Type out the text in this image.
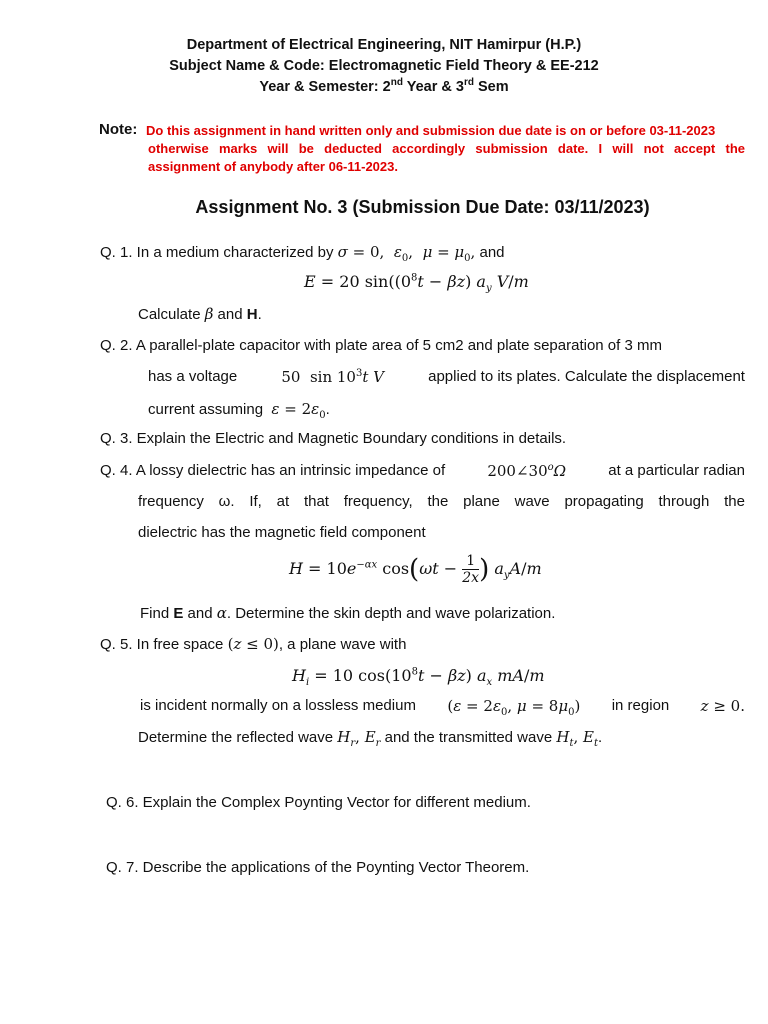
Department of Electrical Engineering, NIT Hamirpur (H.P.)
Subject Name & Code: Electromagnetic Field Theory & EE-212
Year & Semester: 2nd Year & 3rd Sem
Note: Do this assignment in hand written only and submission due date is on or before 03-11-2023
otherwise marks will be deducted accordingly submission date. I will not accept the
assignment of anybody after 06-11-2023.
Assignment No. 3 (Submission Due Date: 03/11/2023)
Q. 1. In a medium characterized by σ = 0,  $\varepsilon_0$,  $\mu = \mu_0$, and
E = 20 $\sin((0^8t - \beta z)$ $a_y$ V/m
Calculate β and H.
Q. 2. A parallel-plate capacitor with plate area of 5 cm2 and plate separation of 3 mm
has a voltage	50  $\sin 10^3t$ V	applied to its plates. Calculate the displacement
current assuming $\varepsilon = 2\varepsilon_0$.
Q. 3. Explain the Electric and Magnetic Boundary conditions in details.
Q. 4. A lossy dielectric has an intrinsic impedance of	200∠30$^o$Ω	at a particular radian
frequency ω. If, at that frequency, the plane wave propagating through the
dielectric has the magnetic field component
$H = 10e^{-\alpha x}$ $\cos(\omega t - \frac{1}{2x}$ ) $a_yA/m$
Find E and α. Determine the skin depth and wave polarization.
Q. 5. In free space (z ≤ 0), a plane wave with
$H_i = 10$ $\cos(10^8t - \beta z)$ $a_x$ mA/m
is incident normally on a lossless medium ($\varepsilon = 2\varepsilon_0$, $\mu = 8\mu_0$) in region z ≥ 0.
Determine the reflected wave $H_r$, $E_r$ and the transmitted wave $H_t$, $E_t$.
Q. 6. Explain the Complex Poynting Vector for different medium.
Q. 7. Describe the applications of the Poynting Vector Theorem.
